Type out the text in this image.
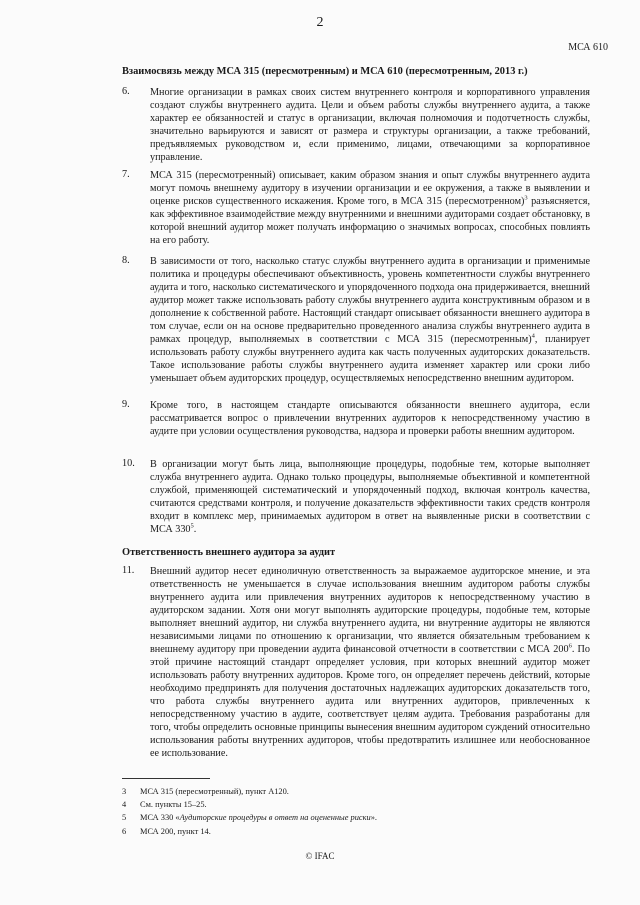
2
МСА 610
Взаимосвязь между МСА 315 (пересмотренным) и МСА 610 (пересмотренным, 2013 г.)
6. Многие организации в рамках своих систем внутреннего контроля и корпоративного управления создают службы внутреннего аудита. Цели и объем работы службы внутреннего аудита, а также характер ее обязанностей и статус в организации, включая полномочия и подотчетность службы, значительно варьируются и зависят от размера и структуры организации, а также требований, предъявляемых руководством и, если применимо, лицами, отвечающими за корпоративное управление.
7. МСА 315 (пересмотренный) описывает, каким образом знания и опыт службы внутреннего аудита могут помочь внешнему аудитору в изучении организации и ее окружения, а также в выявлении и оценке рисков существенного искажения. Кроме того, в МСА 315 (пересмотренном)$^3$ разъясняется, как эффективное взаимодействие между внутренними и внешними аудиторами создает обстановку, в которой внешний аудитор может получать информацию о значимых вопросах, способных повлиять на его работу.
8. В зависимости от того, насколько статус службы внутреннего аудита в организации и применимые политика и процедуры обеспечивают объективность, уровень компетентности службы внутреннего аудита и того, насколько систематического и упорядоченного подхода она придерживается, внешний аудитор может также использовать работу службы внутреннего аудита конструктивным образом и в дополнение к собственной работе. Настоящий стандарт описывает обязанности внешнего аудитора в том случае, если он на основе предварительно проведенного анализа службы внутреннего аудита в рамках процедур, выполняемых в соответствии с МСА 315 (пересмотренным)$^4$, планирует использовать работу службы внутреннего аудита как часть полученных аудиторских доказательств. Такое использование работы службы внутреннего аудита изменяет характер или сроки либо уменьшает объем аудиторских процедур, осуществляемых непосредственно внешним аудитором.
9. Кроме того, в настоящем стандарте описываются обязанности внешнего аудитора, если рассматривается вопрос о привлечении внутренних аудиторов к непосредственному участию в аудите при условии осуществления руководства, надзора и проверки работы внешним аудитором.
10. В организации могут быть лица, выполняющие процедуры, подобные тем, которые выполняет служба внутреннего аудита. Однако только процедуры, выполняемые объективной и компетентной службой, применяющей систематический и упорядоченный подход, включая контроль качества, считаются средствами контроля, и получение доказательств эффективности таких средств контроля входит в комплекс мер, принимаемых аудитором в ответ на выявленные риски в соответствии с МСА $330^5$.
Ответственность внешнего аудитора за аудит
11. Внешний аудитор несет единоличную ответственность за выражаемое аудиторское мнение, и эта ответственность не уменьшается в случае использования внешним аудитором работы службы внутреннего аудита или привлечения внутренних аудиторов к непосредственному участию в аудиторском задании. Хотя они могут выполнять аудиторские процедуры, подобные тем, которые выполняет внешний аудитор, ни служба внутреннего аудита, ни внутренние аудиторы не являются независимыми лицами по отношению к организации, что является обязательным требованием к внешнему аудитору при проведении аудита финансовой отчетности в соответствии с МСА $200^6$. По этой причине настоящий стандарт определяет условия, при которых внешний аудитор может использовать работу внутренних аудиторов. Кроме того, он определяет перечень действий, которые необходимо предпринять для получения достаточных надлежащих аудиторских доказательств того, что работа службы внутреннего аудита или внутренних аудиторов, привлеченных к непосредственному участию в аудите, соответствует целям аудита. Требования разработаны для того, чтобы определить основные принципы вынесения внешним аудитором суждений относительно использования работы внутренних аудиторов, чтобы предотвратить излишнее или необоснованное ее использование.
3 МСА 315 (пересмотренный), пункт A120.
4 См. пункты 15–25.
5 МСА 330 «Аудиторские процедуры в ответ на оцененные риски».
6 МСА 200, пункт 14.
© IFAC
